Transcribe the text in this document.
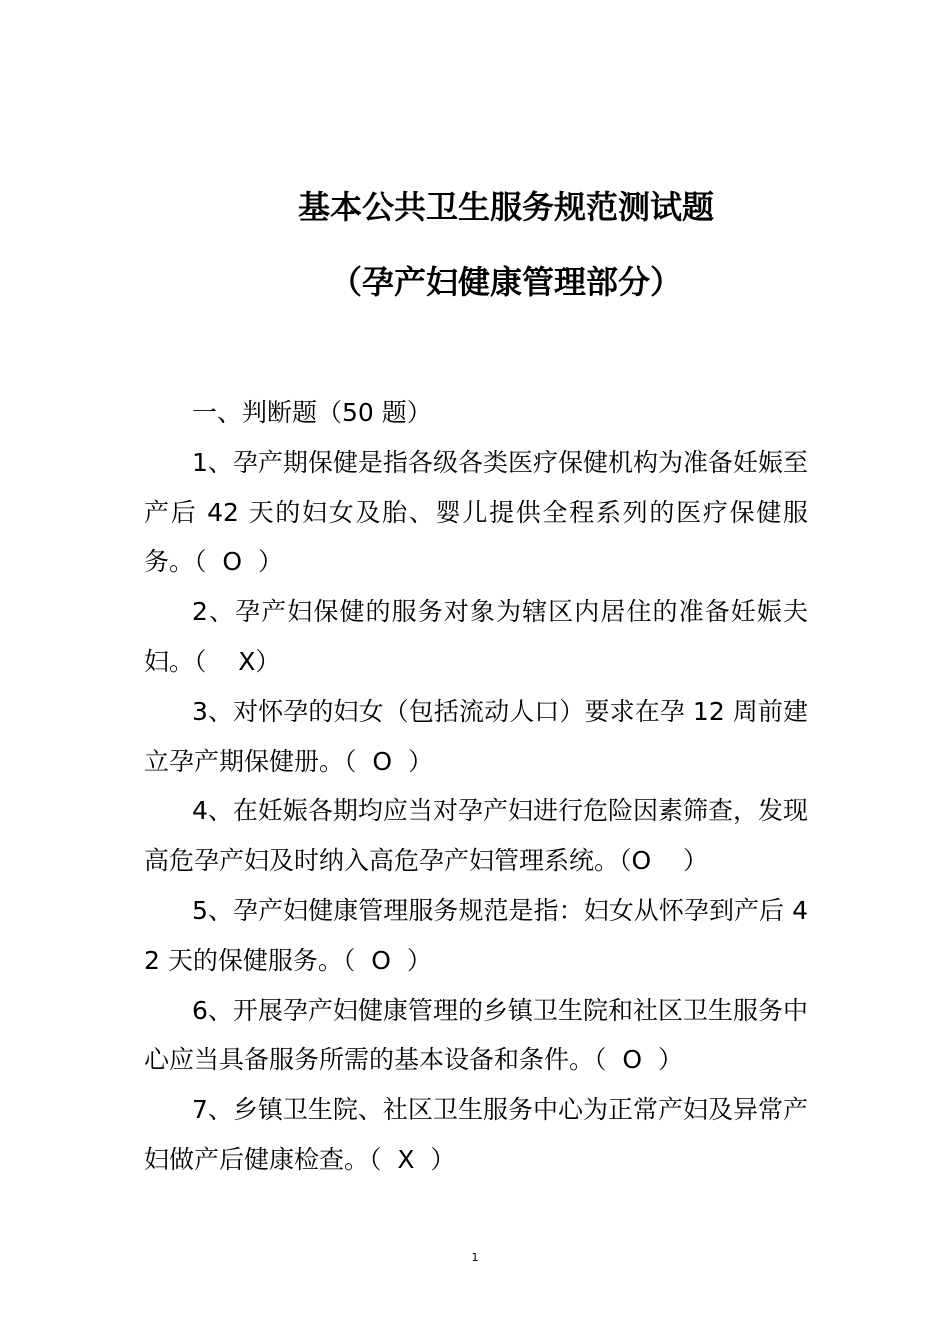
基本公共卫生服务规范测试题
（孕产妇健康管理部分）

一、判断题（50 题）

1、孕产期保健是指各级各类医疗保健机构为准备妊娠至产后 42 天的妇女及胎、婴儿提供全程系列的医疗保健服务。（  O  ）

2、孕产妇保健的服务对象为辖区内居住的准备妊娠夫妇。（    X）

3、对怀孕的妇女（包括流动人口）要求在孕 12 周前建立孕产期保健册。（  O  ）

4、在妊娠各期均应当对孕产妇进行危险因素筛查，发现高危孕产妇及时纳入高危孕产妇管理系统。（O    ）

5、孕产妇健康管理服务规范是指：妇女从怀孕到产后 42 天的保健服务。（  O  ）

6、开展孕产妇健康管理的乡镇卫生院和社区卫生服务中心应当具备服务所需的基本设备和条件。（  O  ）

7、乡镇卫生院、社区卫生服务中心为正常产妇及异常产妇做产后健康检查。（  X  ）

1
